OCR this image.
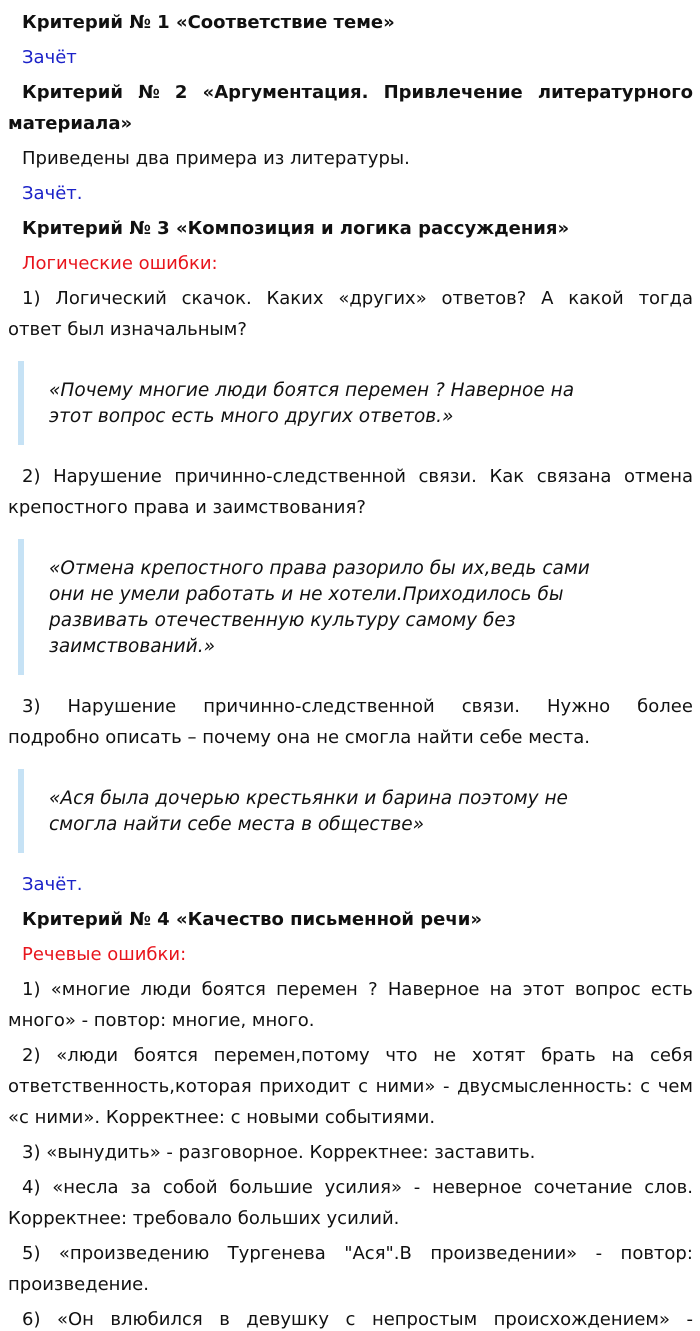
Критерий № 1 «Соответствие теме»
Зачёт
Критерий № 2 «Аргументация. Привлечение литературного
материала»
Приведены два примера из литературы.
Зачёт.
Критерий № 3 «Композиция и логика рассуждения»
Логические ошибки:
1) Логический скачок. Каких «других» ответов? А какой тогда
ответ был изначальным?
«Почему многие люди боятся перемен ? Наверное на
этот вопрос есть много других ответов.»
2) Нарушение причинно-следственной связи. Как связана отмена
крепостного права и заимствования?
«Отмена крепостного права разорило бы их,ведь сами
они не умели работать и не хотели.Приходилось бы
развивать отечественную культуру самому без
заимствований.»
3) Нарушение причинно-следственной связи. Нужно более
подробно описать – почему она не смогла найти себе места.
«Ася была дочерью крестьянки и барина поэтому не
смогла найти себе места в обществе»
Зачёт.
Критерий № 4 «Качество письменной речи»
Речевые ошибки:
1) «многие люди боятся перемен ? Наверное на этот вопрос есть
много» - повтор: многие, много.
2) «люди боятся перемен,потому что не хотят брать на себя
ответственность,которая приходит с ними» - двусмысленность: с чем
«с ними». Корректнее: с новыми событиями.
3) «вынудить» - разговорное. Корректнее: заставить.
4) «несла за собой большие усилия» - неверное сочетание слов.
Корректнее: требовало больших усилий.
5) «произведению Тургенева "Ася".В произведении» - повтор:
произведение.
6) «Он влюбился в девушку с непростым происхождением» -
